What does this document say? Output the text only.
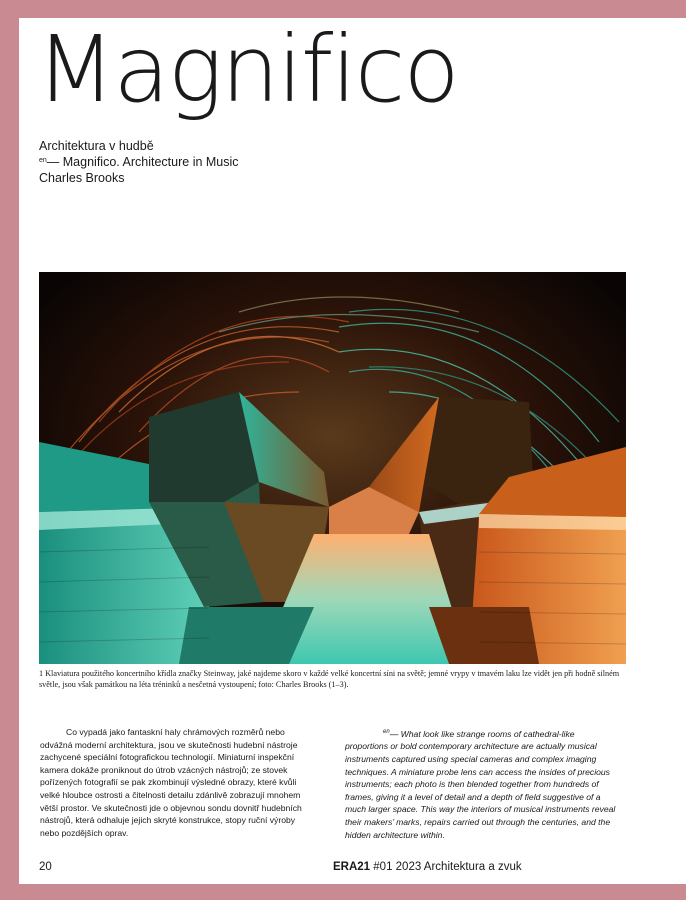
Magnifico
Architektura v hudbě
$^{en}$— Magnifico. Architecture in Music
Charles Brooks

1 Klaviatura použitého koncertního křídla značky Steinway, jaké najdeme skoro v každé velké koncertní síni na světě; jemné vrypy v tmavém laku lze vidět jen při hodně silném světle, jsou však památkou na léta tréninků a nesčetná vystoupení; foto: Charles Brooks (1–3).

Co vypadá jako fantaskní haly chrámových rozměrů nebo odvážná moderní architektura, jsou ve skutečnosti hudební nástroje zachycené speciální fotografickou technologií. Miniaturní inspekční kamera dokáže proniknout do útrob vzácných nástrojů; ze stovek pořízených fotografií se pak zkombinují výsledné obrazy, které kvůli velké hloubce ostrosti a čitelnosti detailu zdánlivě zobrazují mnohem větší prostor. Ve skutečnosti jde o objevnou sondu dovnitř hudebních nástrojů, která odhaluje jejich skryté konstrukce, stopy ruční výroby nebo pozdějších oprav.

$^{en}$— What look like strange rooms of cathedral-like proportions or bold contemporary architecture are actually musical instruments captured using special cameras and complex imaging techniques. A miniature probe lens can access the insides of precious instruments; each photo is then blended together from hundreds of frames, giving it a level of detail and a depth of field suggestive of a much larger space. This way the interiors of musical instruments reveal their makers’ marks, repairs carried out through the centuries, and the hidden architecture within.

20	ERA21 #01 2023 Architektura a zvuk
